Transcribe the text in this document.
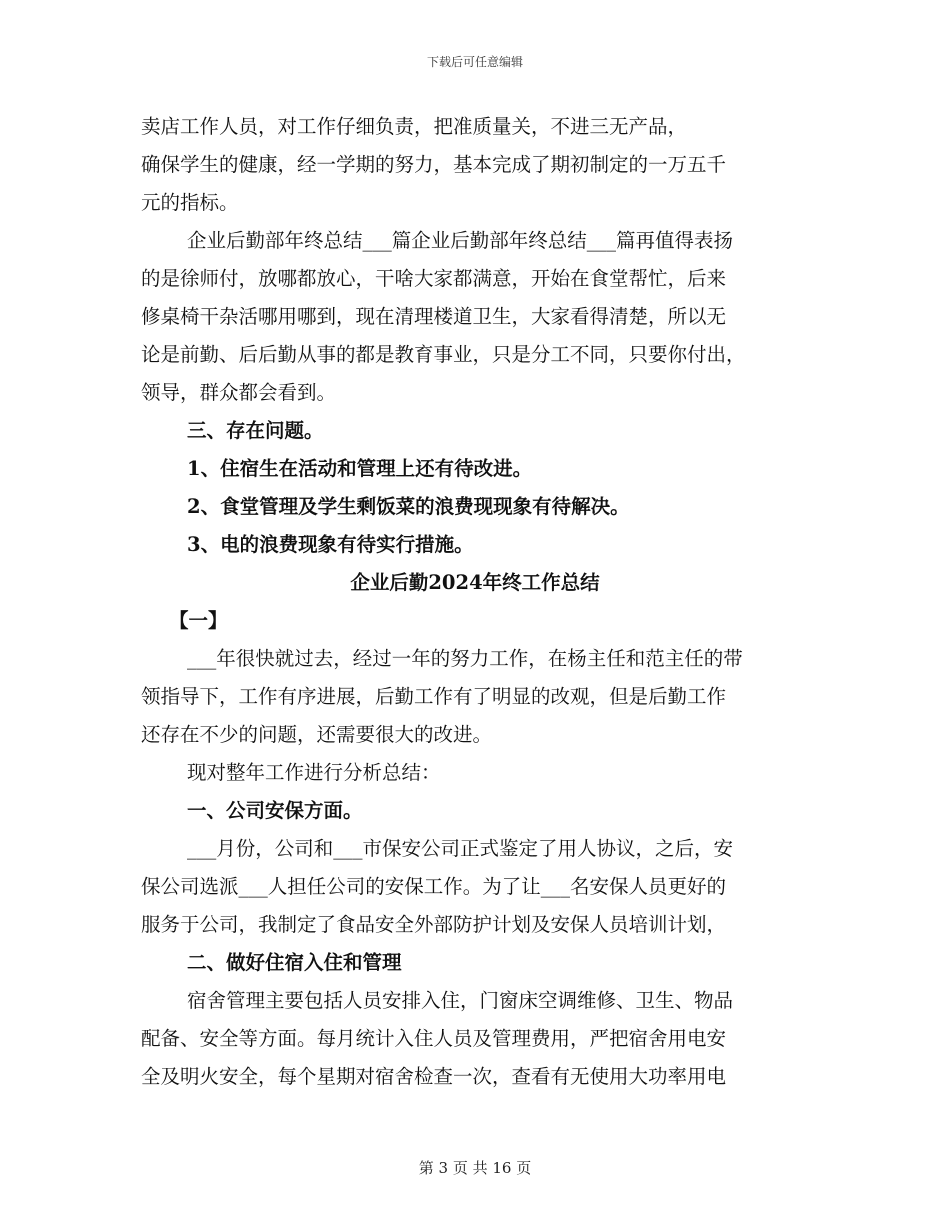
下载后可任意编辑
卖店工作人员，对工作仔细负责，把准质量关，不进三无产品，
确保学生的健康，经一学期的努力，基本完成了期初制定的一万五千
元的指标。
企业后勤部年终总结___篇企业后勤部年终总结___篇再值得表扬
的是徐师付，放哪都放心，干啥大家都满意，开始在食堂帮忙，后来
修桌椅干杂活哪用哪到，现在清理楼道卫生，大家看得清楚，所以无
论是前勤、后后勤从事的都是教育事业，只是分工不同，只要你付出，
领导，群众都会看到。
三、存在问题。
1、住宿生在活动和管理上还有待改进。
2、食堂管理及学生剩饭菜的浪费现现象有待解决。
3、电的浪费现象有待实行措施。
企业后勤2024年终工作总结
【一】
___年很快就过去，经过一年的努力工作，在杨主任和范主任的带
领指导下，工作有序进展，后勤工作有了明显的改观，但是后勤工作
还存在不少的问题，还需要很大的改进。
现对整年工作进行分析总结：
一、公司安保方面。
___月份，公司和___市保安公司正式鉴定了用人协议，之后，安
保公司选派___人担任公司的安保工作。为了让___名安保人员更好的
服务于公司，我制定了食品安全外部防护计划及安保人员培训计划，
二、做好住宿入住和管理
宿舍管理主要包括人员安排入住，门窗床空调维修、卫生、物品
配备、安全等方面。每月统计入住人员及管理费用，严把宿舍用电安
全及明火安全，每个星期对宿舍检查一次，查看有无使用大功率用电
第 3 页 共 16 页
